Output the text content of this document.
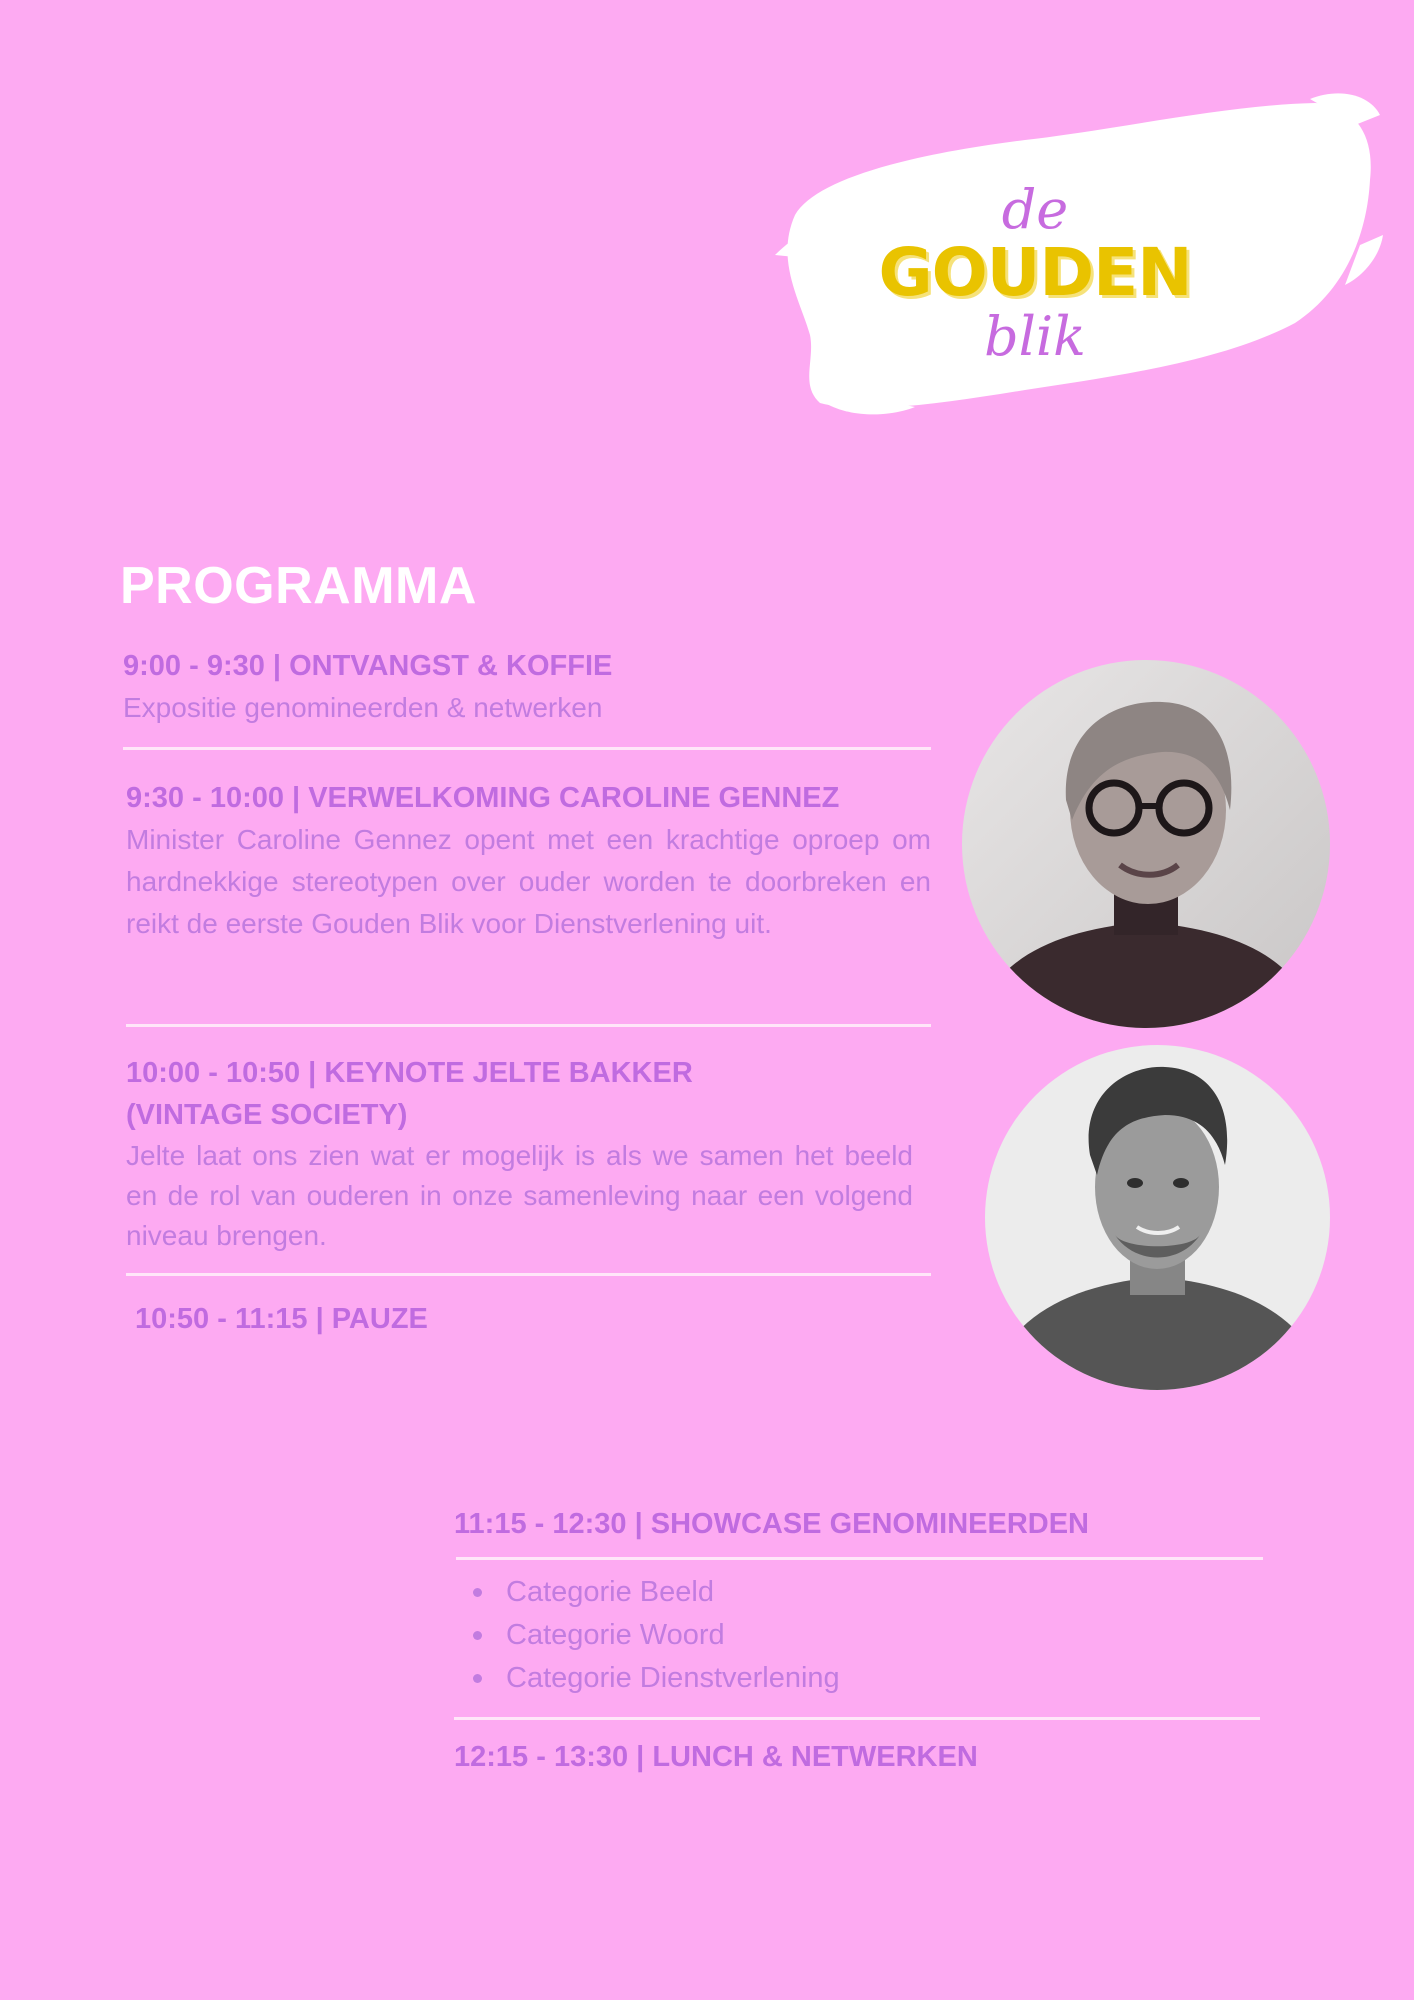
de
GOUDEN
blik
PROGRAMMA
9:00 - 9:30 | ONTVANGST & KOFFIE
Expositie genomineerden & netwerken
9:30 - 10:00 | VERWELKOMING CAROLINE GENNEZ
Minister Caroline Gennez opent met een krachtige oproep om hardnekkige stereotypen over ouder worden te doorbreken en reikt de eerste Gouden Blik voor Dienstverlening uit.
10:00 - 10:50 | KEYNOTE JELTE BAKKER
(VINTAGE SOCIETY)
Jelte laat ons zien wat er mogelijk is als we samen het beeld en de rol van ouderen in onze samenleving naar een volgend niveau brengen.
10:50 - 11:15 | PAUZE
11:15 - 12:30 | SHOWCASE GENOMINEERDEN
Categorie Beeld
Categorie Woord
Categorie Dienstverlening
12:15 - 13:30 | LUNCH & NETWERKEN
